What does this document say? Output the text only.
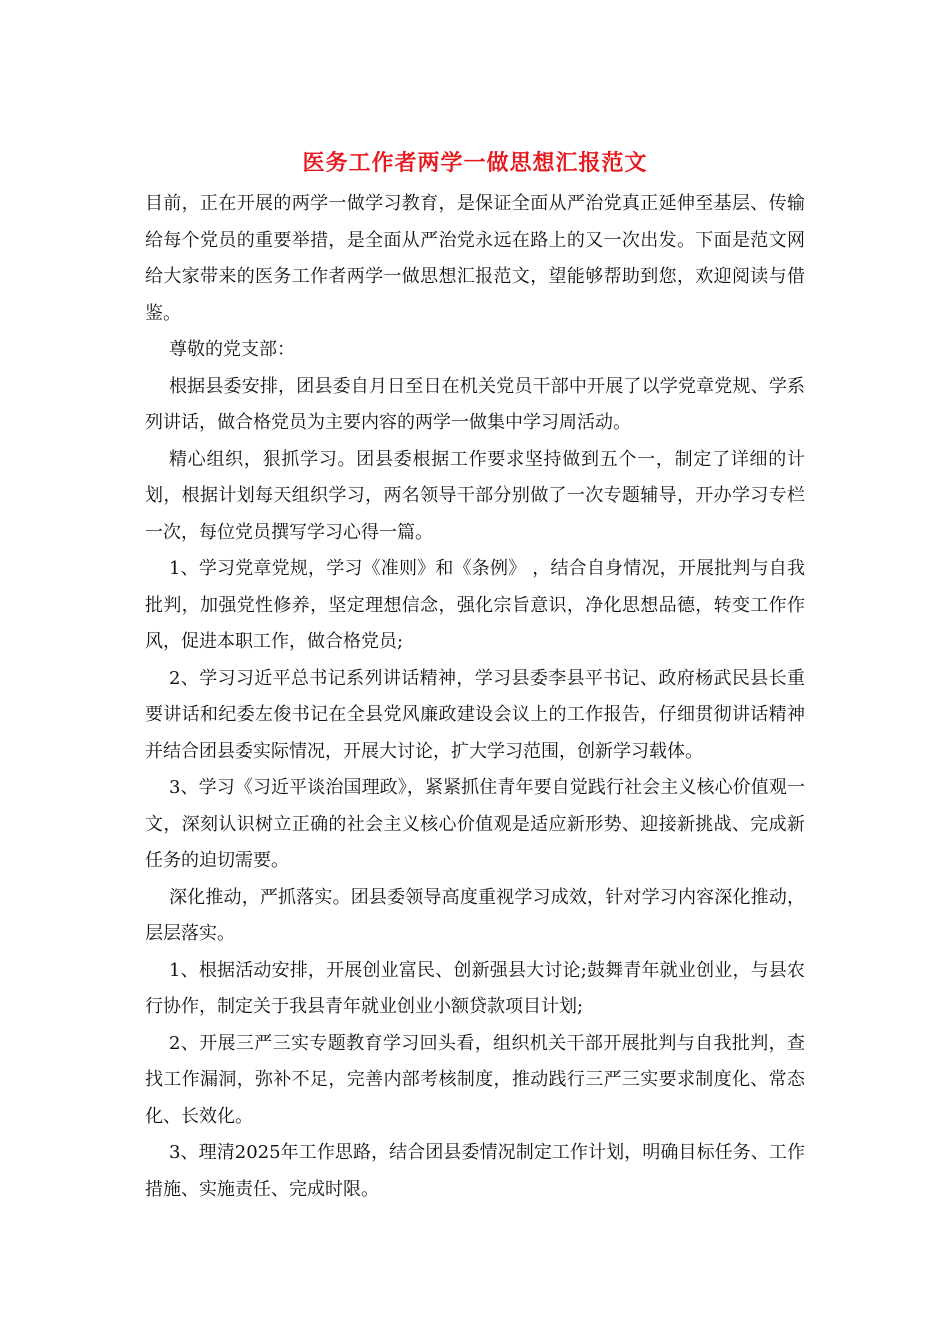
医务工作者两学一做思想汇报范文

目前，正在开展的两学一做学习教育，是保证全面从严治党真正延伸至基层、传输给每个党员的重要举措，是全面从严治党永远在路上的又一次出发。下面是范文网给大家带来的医务工作者两学一做思想汇报范文，望能够帮助到您，欢迎阅读与借鉴。

尊敬的党支部：

根据县委安排，团县委自月日至日在机关党员干部中开展了以学党章党规、学系列讲话，做合格党员为主要内容的两学一做集中学习周活动。

精心组织，狠抓学习。团县委根据工作要求坚持做到五个一，制定了详细的计划，根据计划每天组织学习，两名领导干部分别做了一次专题辅导，开办学习专栏一次，每位党员撰写学习心得一篇。

1、学习党章党规，学习《准则》和《条例》 ，结合自身情况，开展批判与自我批判，加强党性修养，坚定理想信念，强化宗旨意识，净化思想品德，转变工作作风，促进本职工作，做合格党员;

2、学习习近平总书记系列讲话精神，学习县委李县平书记、政府杨武民县长重要讲话和纪委左俊书记在全县党风廉政建设会议上的工作报告，仔细贯彻讲话精神并结合团县委实际情况，开展大讨论，扩大学习范围，创新学习载体。

3、学习《习近平谈治国理政》，紧紧抓住青年要自觉践行社会主义核心价值观一文，深刻认识树立正确的社会主义核心价值观是适应新形势、迎接新挑战、完成新任务的迫切需要。

深化推动，严抓落实。团县委领导高度重视学习成效，针对学习内容深化推动，层层落实。

1、根据活动安排，开展创业富民、创新强县大讨论;鼓舞青年就业创业，与县农行协作，制定关于我县青年就业创业小额贷款项目计划;

2、开展三严三实专题教育学习回头看，组织机关干部开展批判与自我批判，查找工作漏洞，弥补不足，完善内部考核制度，推动践行三严三实要求制度化、常态化、长效化。

3、理清2025年工作思路，结合团县委情况制定工作计划，明确目标任务、工作措施、实施责任、完成时限。
